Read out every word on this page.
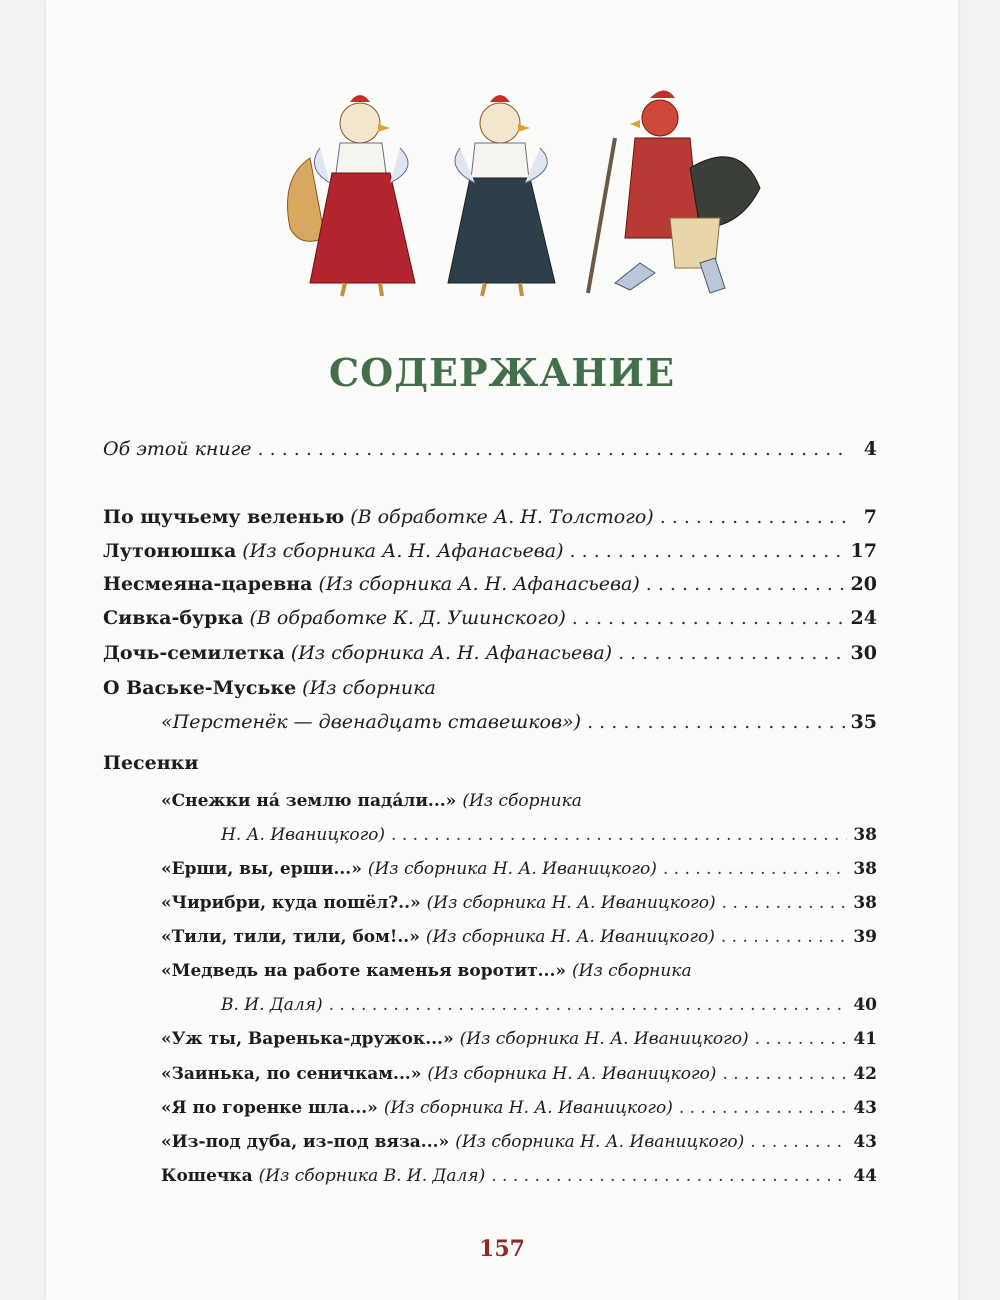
СОДЕРЖАНИЕ
Об этой книге . . .	4
По щучьему веленью (В обработке А. Н. Толстого) . . .	7
Лутонюшка (Из сборника А. Н. Афанасьева) . . .	17
Несмеяна-царевна (Из сборника А. Н. Афанасьева) . . .	20
Сивка-бурка (В обработке К. Д. Ушинского) . . .	24
Дочь-семилетка (Из сборника А. Н. Афанасьева) . . .	30
О Ваське-Муське (Из сборника
«Перстенёк — двенадцать ставешков») . . .	35
Песенки
«Снежки на́ землю пада́ли...» (Из сборника
Н. А. Иваницкого) . . .	38
«Ерши, вы, ерши...» (Из сборника Н. А. Иваницкого) . . .	38
«Чирибри, куда пошёл?..» (Из сборника Н. А. Иваницкого) . . .	38
«Тили, тили, тили, бом!..» (Из сборника Н. А. Иваницкого) . . .	39
«Медведь на работе каменья воротит...» (Из сборника
В. И. Даля) . . .	40
«Уж ты, Варенька-дружок...» (Из сборника Н. А. Иваницкого) . . .	41
«Заинька, по сеничкам...» (Из сборника Н. А. Иваницкого) . . .	42
«Я по горенке шла...» (Из сборника Н. А. Иваницкого) . . .	43
«Из-под дуба, из-под вяза...» (Из сборника Н. А. Иваницкого) . . .	43
Кошечка (Из сборника В. И. Даля) . . .	44
157
